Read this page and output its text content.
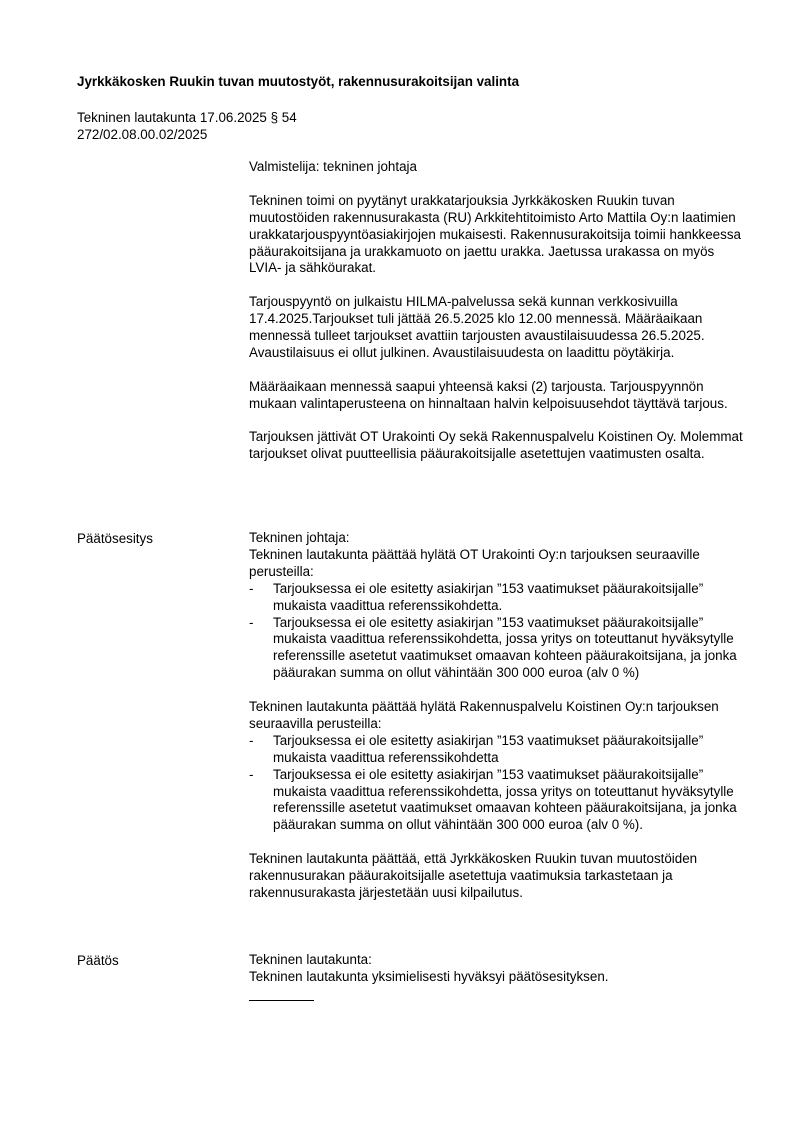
Jyrkkäkosken Ruukin tuvan muutostyöt, rakennusurakoitsijan valinta
Tekninen lautakunta 17.06.2025 § 54
272/02.08.00.02/2025

Valmistelija: tekninen johtaja

Tekninen toimi on pyytänyt urakkatarjouksia Jyrkkäkosken Ruukin tuvan muutostöiden rakennusurakasta (RU) Arkkitehtitoimisto Arto Mattila Oy:n laatimien urakkatarjouspyyntöasiakirjojen mukaisesti. Rakennusurakoitsija toimii hankkeessa pääurakoitsijana ja urakkamuoto on jaettu urakka. Jaetussa urakassa on myös LVIA- ja sähköurakat.

Tarjouspyyntö on julkaistu HILMA-palvelussa sekä kunnan verkkosivuilla 17.4.2025.Tarjoukset tuli jättää 26.5.2025 klo 12.00 mennessä. Määräaikaan mennessä tulleet tarjoukset avattiin tarjousten avaustilaisuudessa 26.5.2025. Avaustilaisuus ei ollut julkinen. Avaustilaisuudesta on laadittu pöytäkirja.

Määräaikaan mennessä saapui yhteensä kaksi (2) tarjousta. Tarjouspyynnön mukaan valintaperusteena on hinnaltaan halvin kelpoisuusehdot täyttävä tarjous.

Tarjouksen jättivät OT Urakointi Oy sekä Rakennuspalvelu Koistinen Oy. Molemmat tarjoukset olivat puutteellisia pääurakoitsijalle asetettujen vaatimusten osalta.

Päätösesitys	Tekninen johtaja:

Tekninen lautakunta päättää hylätä OT Urakointi Oy:n tarjouksen seuraaville perusteilla:

- Tarjouksessa ei ole esitetty asiakirjan ”153 vaatimukset pääurakoitsijalle” mukaista vaadittua referenssikohdetta.
- Tarjouksessa ei ole esitetty asiakirjan ”153 vaatimukset pääurakoitsijalle” mukaista vaadittua referenssikohdetta, jossa yritys on toteuttanut hyväksytylle referenssille asetetut vaatimukset omaavan kohteen pääurakoitsijana, ja jonka pääurakan summa on ollut vähintään 300 000 euroa (alv 0 %)

Tekninen lautakunta päättää hylätä Rakennuspalvelu Koistinen Oy:n tarjouksen seuraavilla perusteilla:

- Tarjouksessa ei ole esitetty asiakirjan ”153 vaatimukset pääurakoitsijalle” mukaista vaadittua referenssikohdetta
- Tarjouksessa ei ole esitetty asiakirjan ”153 vaatimukset pääurakoitsijalle” mukaista vaadittua referenssikohdetta, jossa yritys on toteuttanut hyväksytylle referenssille asetetut vaatimukset omaavan kohteen pääurakoitsijana, ja jonka pääurakan summa on ollut vähintään 300 000 euroa (alv 0 %).

Tekninen lautakunta päättää, että Jyrkkäkosken Ruukin tuvan muutostöiden rakennusurakan pääurakoitsijalle asetettuja vaatimuksia tarkastetaan ja rakennusurakasta järjestetään uusi kilpailutus.

Päätös	Tekninen lautakunta:

Tekninen lautakunta yksimielisesti hyväksyi päätösesityksen.
